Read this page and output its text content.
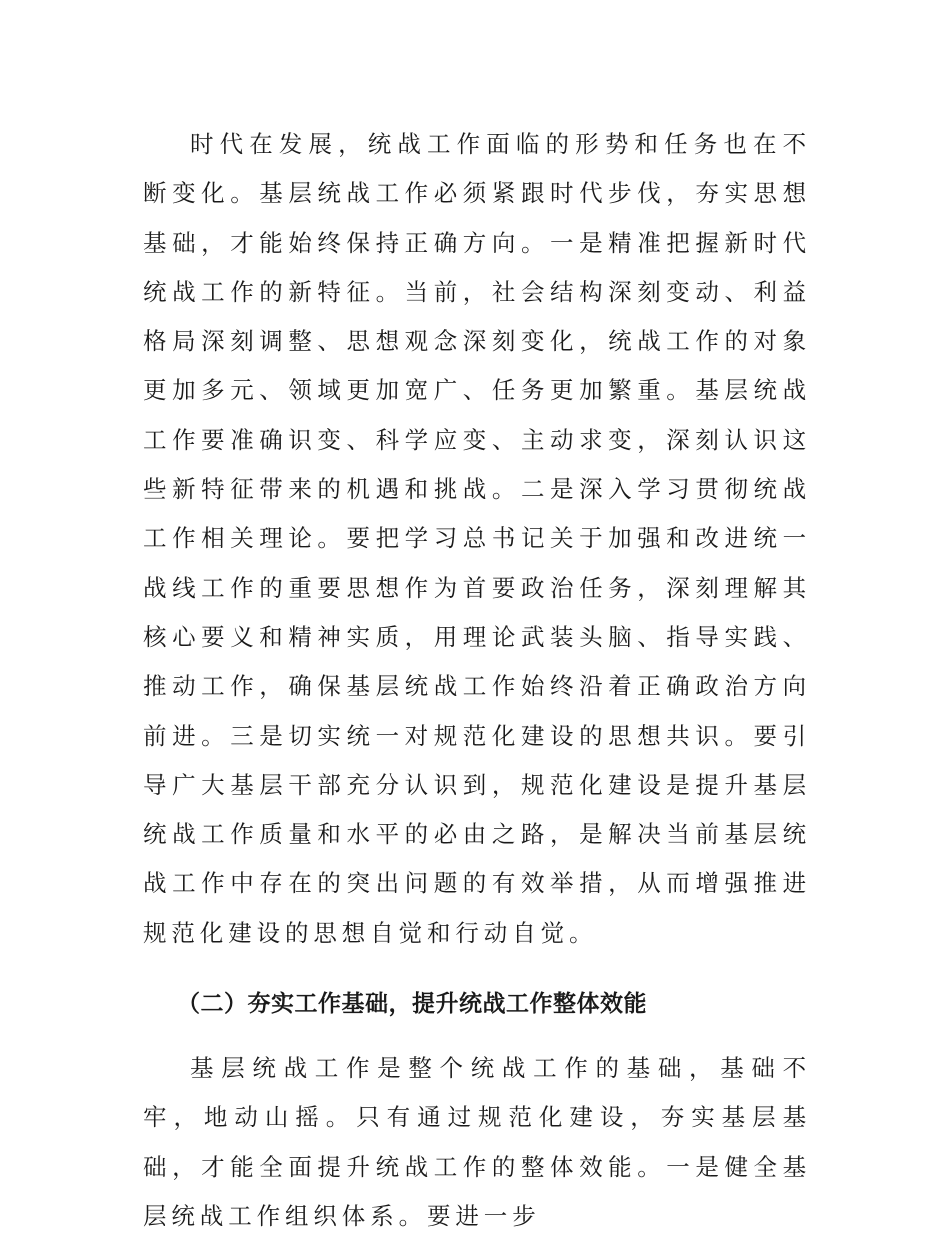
时代在发展，统战工作面临的形势和任务也在不断变化。基层统战工作必须紧跟时代步伐，夯实思想基础，才能始终保持正确方向。一是精准把握新时代统战工作的新特征。当前，社会结构深刻变动、利益格局深刻调整、思想观念深刻变化，统战工作的对象更加多元、领域更加宽广、任务更加繁重。基层统战工作要准确识变、科学应变、主动求变，深刻认识这些新特征带来的机遇和挑战。二是深入学习贯彻统战工作相关理论。要把学习总书记关于加强和改进统一战线工作的重要思想作为首要政治任务，深刻理解其核心要义和精神实质，用理论武装头脑、指导实践、推动工作，确保基层统战工作始终沿着正确政治方向前进。三是切实统一对规范化建设的思想共识。要引导广大基层干部充分认识到，规范化建设是提升基层统战工作质量和水平的必由之路，是解决当前基层统战工作中存在的突出问题的有效举措，从而增强推进规范化建设的思想自觉和行动自觉。

（二）夯实工作基础，提升统战工作整体效能

基层统战工作是整个统战工作的基础，基础不牢，地动山摇。只有通过规范化建设，夯实基层基础，才能全面提升统战工作的整体效能。一是健全基层统战工作组织体系。要进一步
